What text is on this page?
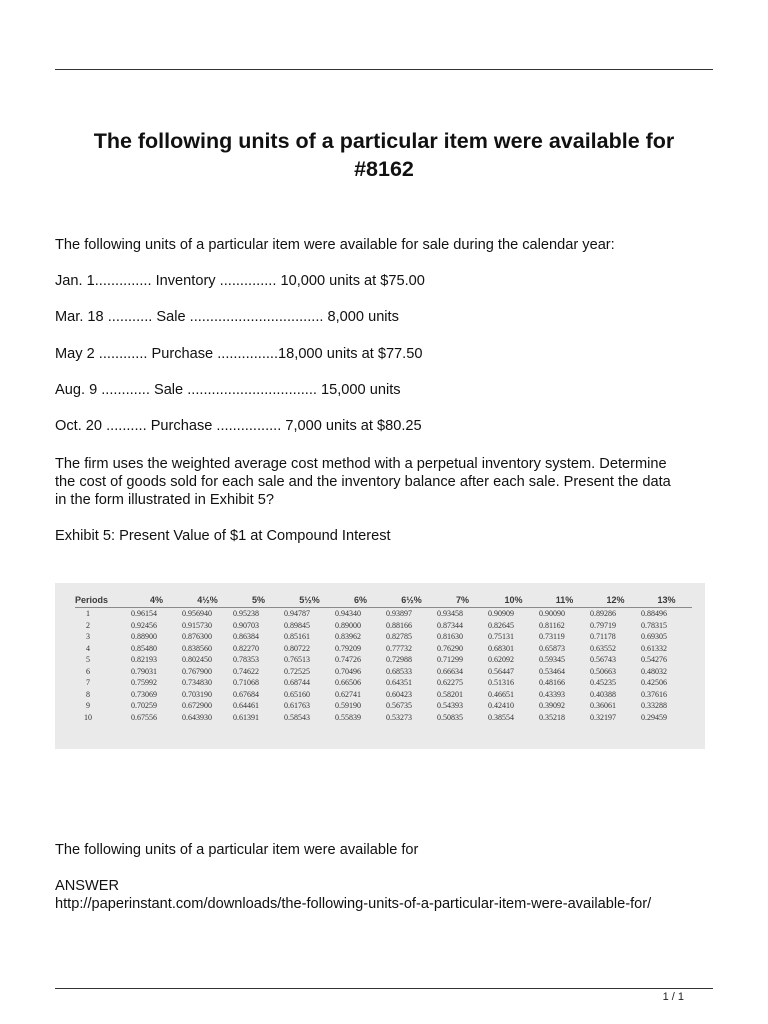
The following units of a particular item were available for
#8162

The following units of a particular item were available for sale during the calendar year:

Jan. 1.............. Inventory .............. 10,000 units at $75.00

Mar. 18 ........... Sale ................................. 8,000 units

May 2 ............ Purchase ...............18,000 units at $77.50

Aug. 9 ............ Sale ................................ 15,000 units

Oct. 20 .......... Purchase ................ 7,000 units at $80.25

The firm uses the weighted average cost method with a perpetual inventory system. Determine

the cost of goods sold for each sale and the inventory balance after each sale. Present the data

in the form illustrated in Exhibit 5?

Exhibit 5: Present Value of $1 at Compound Interest

Periods	4%	4½%	5%	5½%	6%	6½%	7%	10%	11%	12%	13%
1	0.96154	0.956940	0.95238	0.94787	0.94340	0.93897	0.93458	0.90909	0.90090	0.89286	0.88496
2	0.92456	0.915730	0.90703	0.89845	0.89000	0.88166	0.87344	0.82645	0.81162	0.79719	0.78315
3	0.88900	0.876300	0.86384	0.85161	0.83962	0.82785	0.81630	0.75131	0.73119	0.71178	0.69305
4	0.85480	0.838560	0.82270	0.80722	0.79209	0.77732	0.76290	0.68301	0.65873	0.63552	0.61332
5	0.82193	0.802450	0.78353	0.76513	0.74726	0.72988	0.71299	0.62092	0.59345	0.56743	0.54276
6	0.79031	0.767900	0.74622	0.72525	0.70496	0.68533	0.66634	0.56447	0.53464	0.50663	0.48032
7	0.75992	0.734830	0.71068	0.68744	0.66506	0.64351	0.62275	0.51316	0.48166	0.45235	0.42506
8	0.73069	0.703190	0.67684	0.65160	0.62741	0.60423	0.58201	0.46651	0.43393	0.40388	0.37616
9	0.70259	0.672900	0.64461	0.61763	0.59190	0.56735	0.54393	0.42410	0.39092	0.36061	0.33288
10	0.67556	0.643930	0.61391	0.58543	0.55839	0.53273	0.50835	0.38554	0.35218	0.32197	0.29459

The following units of a particular item were available for

ANSWER

http://paperinstant.com/downloads/the-following-units-of-a-particular-item-were-available-for/

1 / 1
